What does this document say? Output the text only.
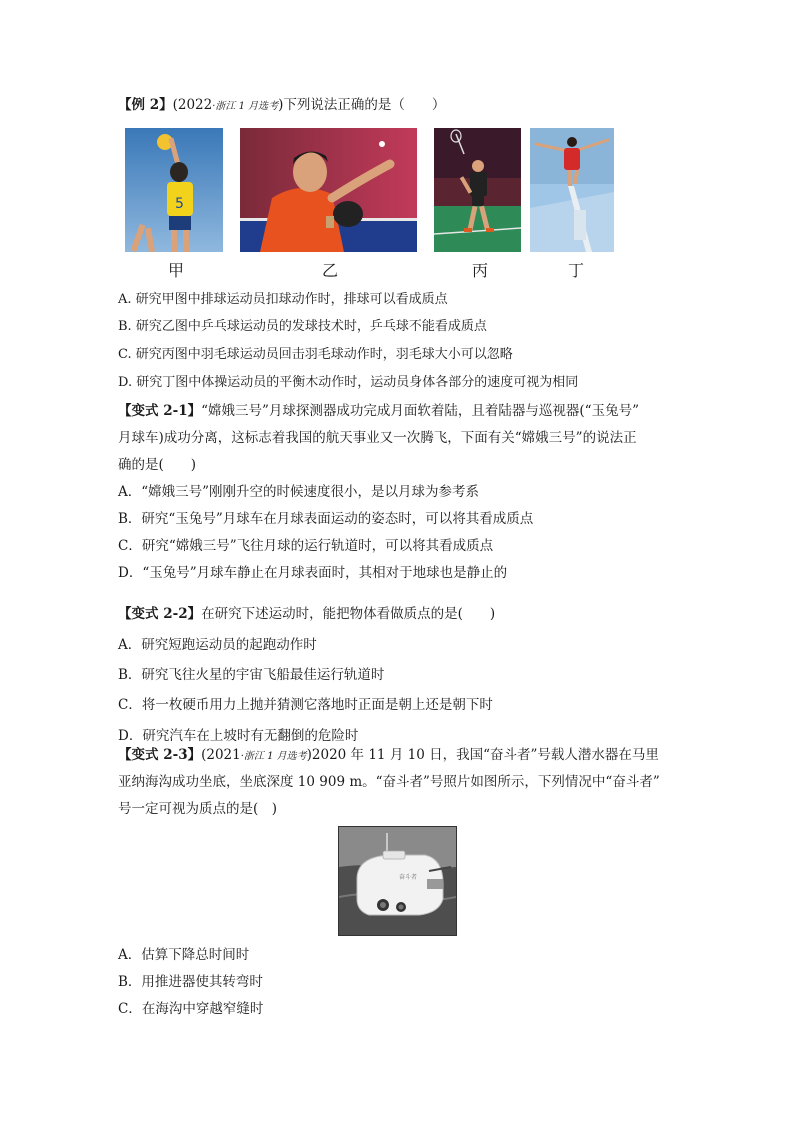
【例 2】(2022·浙江 1 月选考)下列说法正确的是（　　）
5
甲	乙	丙	丁
A. 研究甲图中排球运动员扣球动作时，排球可以看成质点
B. 研究乙图中乒乓球运动员的发球技术时，乒乓球不能看成质点
C. 研究丙图中羽毛球运动员回击羽毛球动作时，羽毛球大小可以忽略
D. 研究丁图中体操运动员的平衡木动作时，运动员身体各部分的速度可视为相同
【变式 2-1】“嫦娥三号”月球探测器成功完成月面软着陆，且着陆器与巡视器(“玉兔号”
月球车)成功分离，这标志着我国的航天事业又一次腾飞，下面有关“嫦娥三号”的说法正
确的是(　　)
A．“嫦娥三号”刚刚升空的时候速度很小，是以月球为参考系
B．研究“玉兔号”月球车在月球表面运动的姿态时，可以将其看成质点
C．研究“嫦娥三号”飞往月球的运行轨道时，可以将其看成质点
D．“玉兔号”月球车静止在月球表面时，其相对于地球也是静止的
【变式 2-2】在研究下述运动时，能把物体看做质点的是(　　)
A．研究短跑运动员的起跑动作时
B．研究飞往火星的宇宙飞船最佳运行轨道时
C．将一枚硬币用力上抛并猜测它落地时正面是朝上还是朝下时
D．研究汽车在上坡时有无翻倒的危险时
【变式 2-3】(2021·浙江 1 月选考)2020 年 11 月 10 日，我国“奋斗者”号载人潜水器在马里
亚纳海沟成功坐底，坐底深度 10 909 m。“奋斗者”号照片如图所示，下列情况中“奋斗者”
号一定可视为质点的是(　)
奋斗者
A．估算下降总时间时
B．用推进器使其转弯时
C．在海沟中穿越窄缝时
